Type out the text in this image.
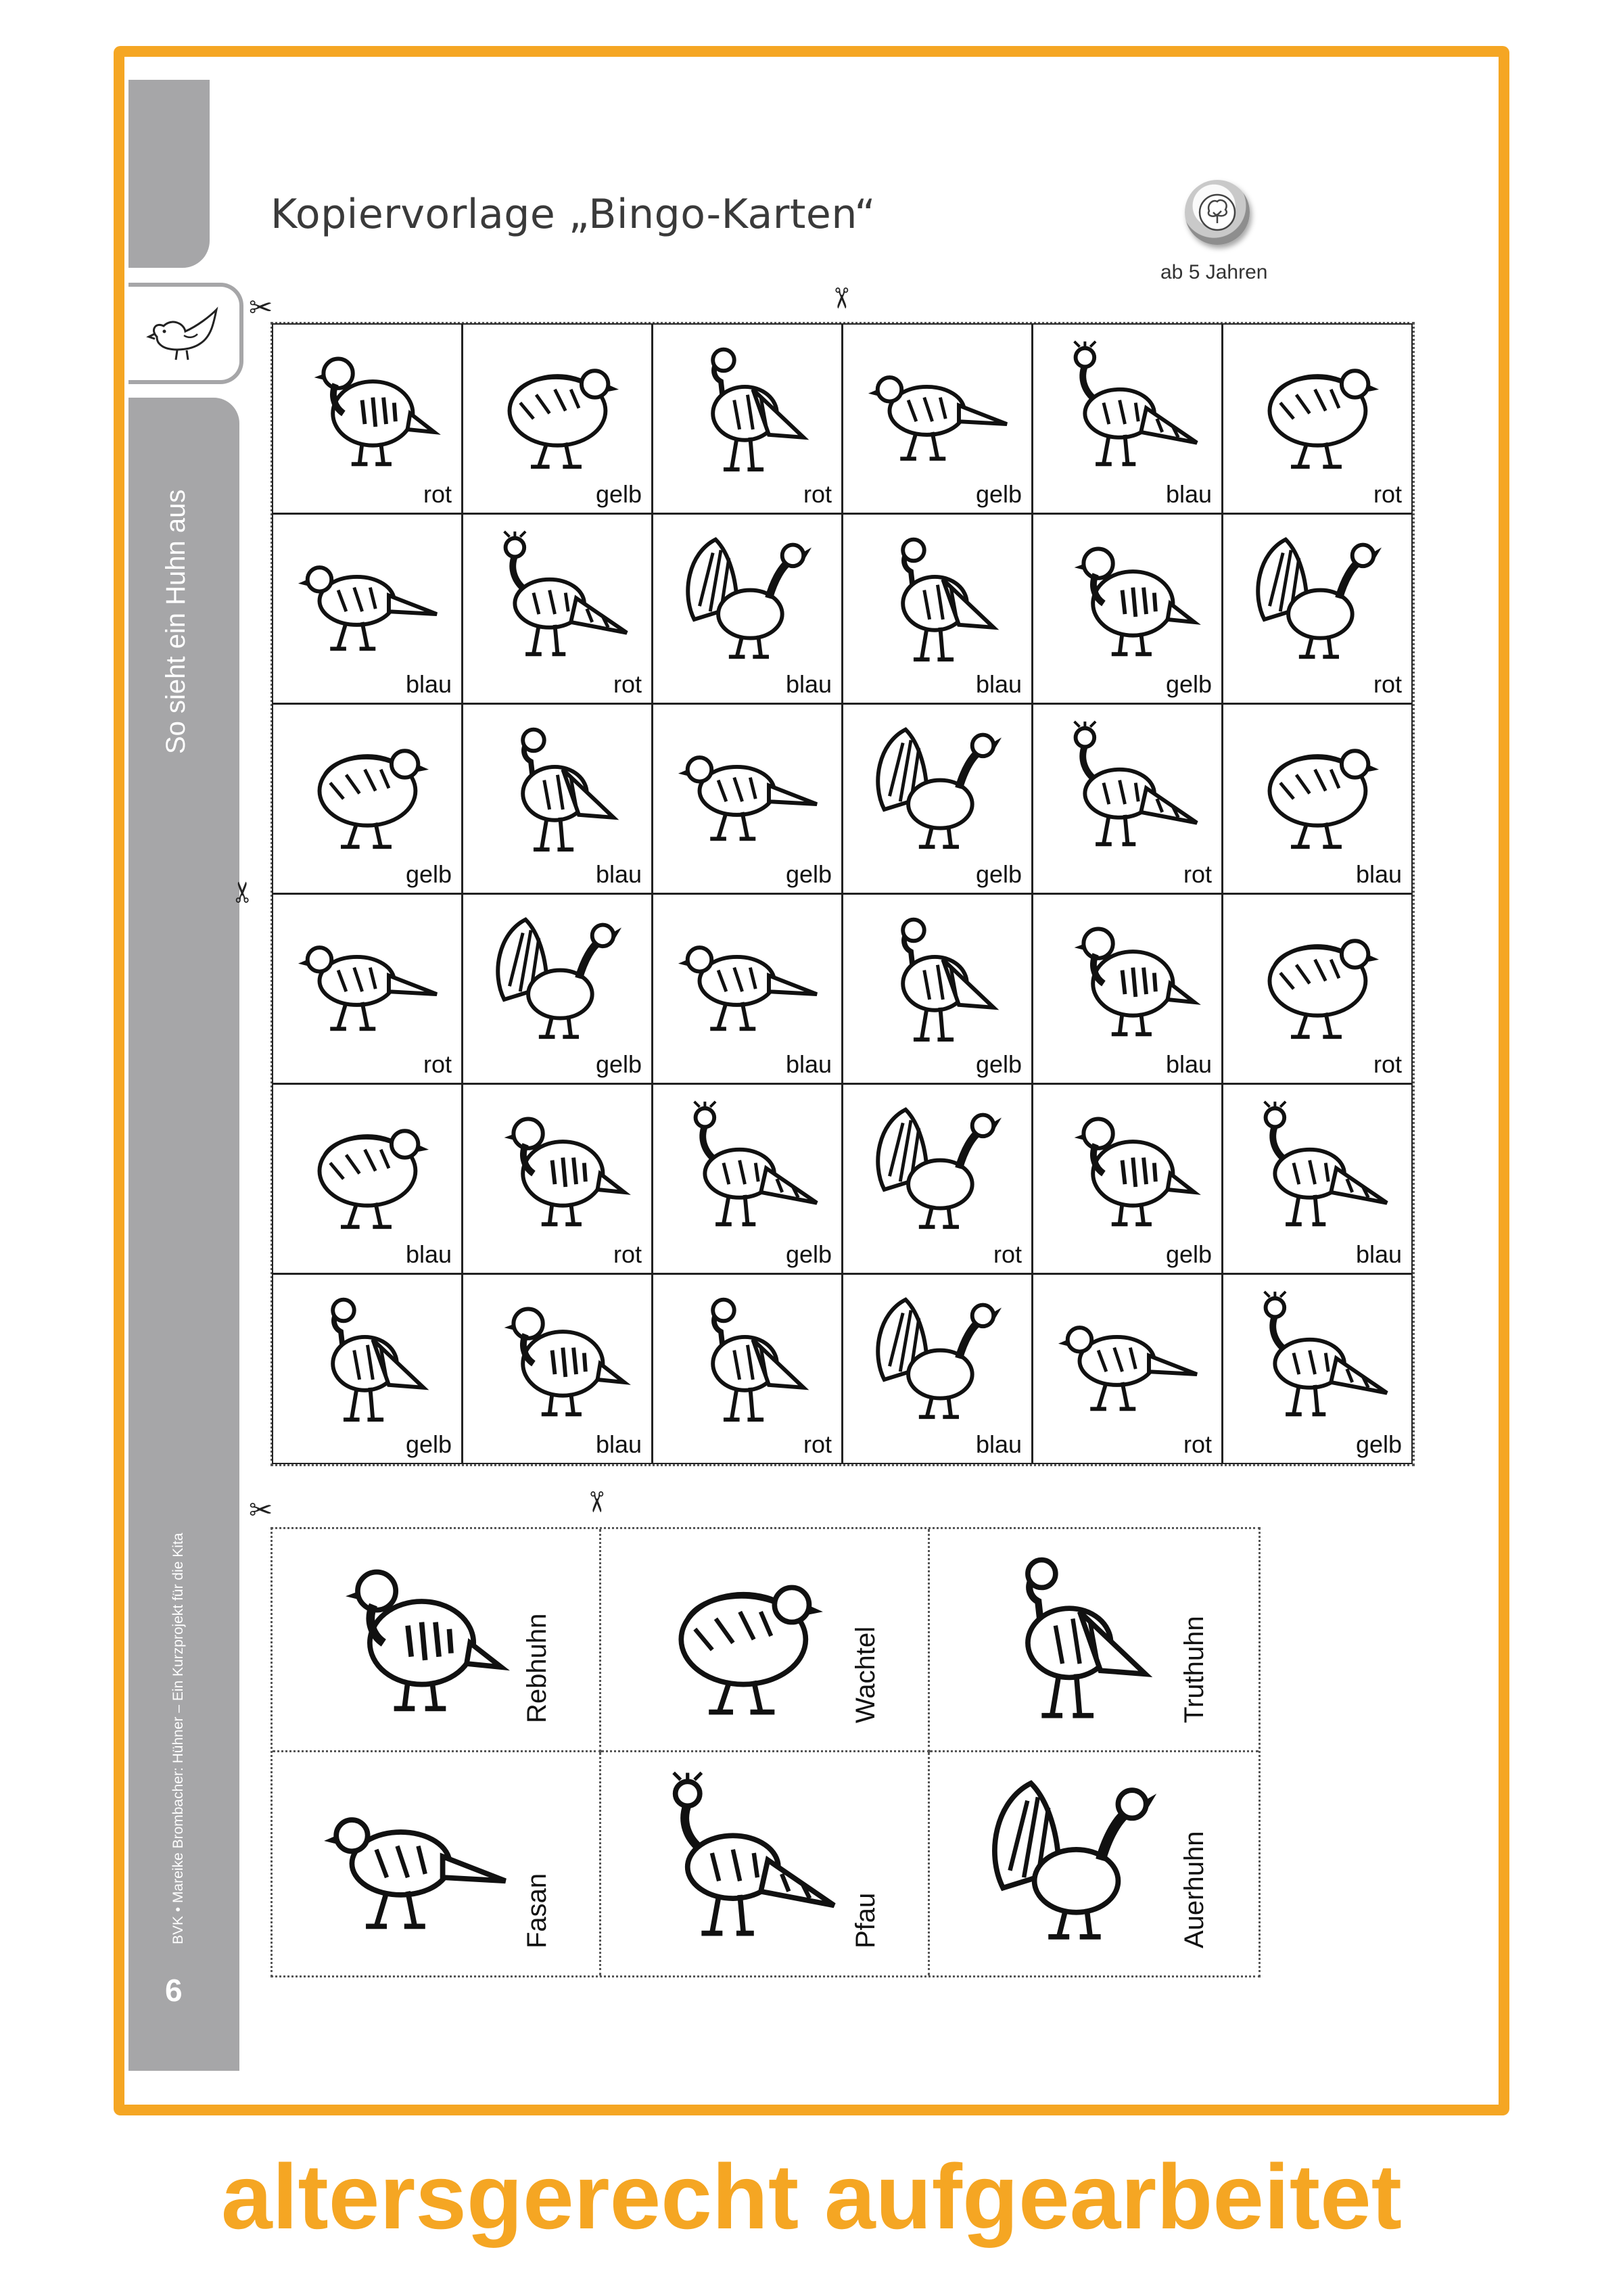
So sieht ein Huhn aus
BVK • Mareike Brombacher: Hühner – Ein Kurzprojekt für die Kita
6
Kopiervorlage „Bingo-Karten“
ab 5 Jahren
✂	✂
✂
✂	✂
rot	gelb	rot	gelb	blau	rot
blau	rot	blau	blau	gelb	rot
gelb	blau	gelb	gelb	rot	blau
rot	gelb	blau	gelb	blau	rot
blau	rot	gelb	rot	gelb	blau
gelb	blau	rot	blau	rot	gelb
Rebhuhn	Wachtel	Truthuhn
Fasan	Pfau	Auerhuhn
altersgerecht aufgearbeitet
